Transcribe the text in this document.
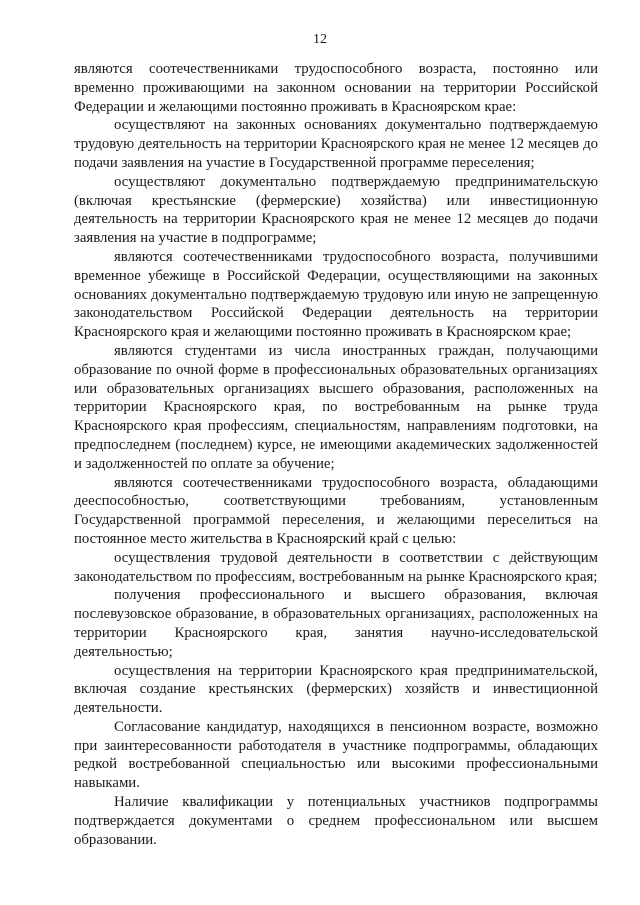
12

являются соотечественниками трудоспособного возраста, постоянно или временно проживающими на законном основании на территории Российской Федерации и желающими постоянно проживать в Красноярском крае:

осуществляют на законных основаниях документально подтверждаемую трудовую деятельность на территории Красноярского края не менее 12 месяцев до подачи заявления на участие в Государственной программе переселения;

осуществляют документально подтверждаемую предпринимательскую (включая крестьянские (фермерские) хозяйства) или инвестиционную деятельность на территории Красноярского края не менее 12 месяцев до подачи заявления на участие в подпрограмме;

являются соотечественниками трудоспособного возраста, получившими временное убежище в Российской Федерации, осуществляющими на законных основаниях документально подтверждаемую трудовую или иную не запрещенную законодательством Российской Федерации деятельность на территории Красноярского края и желающими постоянно проживать в Красноярском крае;

являются студентами из числа иностранных граждан, получающими образование по очной форме в профессиональных образовательных организациях или образовательных организациях высшего образования, расположенных на территории Красноярского края, по востребованным на рынке труда Красноярского края профессиям, специальностям, направлениям подготовки, на предпоследнем (последнем) курсе, не имеющими академических задолженностей и задолженностей по оплате за обучение;

являются соотечественниками трудоспособного возраста, обладающими дееспособностью, соответствующими требованиям, установленным Государственной программой переселения, и желающими переселиться на постоянное место жительства в Красноярский край с целью:

осуществления трудовой деятельности в соответствии с действующим законодательством по профессиям, востребованным на рынке Красноярского края;

получения профессионального и высшего образования, включая послевузовское образование, в образовательных организациях, расположенных на территории Красноярского края, занятия научно-исследовательской деятельностью;

осуществления на территории Красноярского края предпринимательской, включая создание крестьянских (фермерских) хозяйств и инвестиционной деятельности.

Согласование кандидатур, находящихся в пенсионном возрасте, возможно при заинтересованности работодателя в участнике подпрограммы, обладающих редкой востребованной специальностью или высокими профессиональными навыками.

Наличие квалификации у потенциальных участников подпрограммы подтверждается документами о среднем профессиональном или высшем образовании.
